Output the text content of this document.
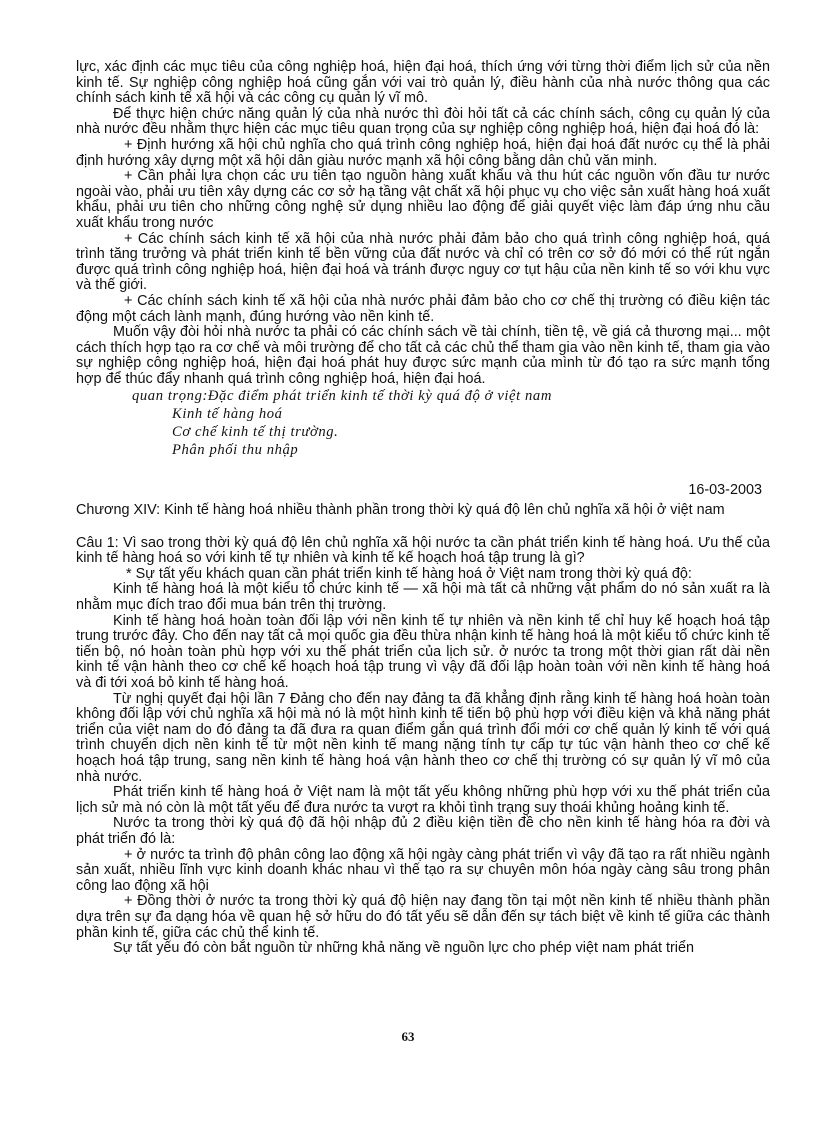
lực, xác định các mục tiêu của công nghiệp hoá, hiện đại hoá, thích ứng với từng thời điểm lịch sử của nền kinh tế. Sự nghiệp công nghiệp hoá cũng gắn với vai trò quản lý, điều hành của nhà nước thông qua các chính sách kinh tế xã hội và các công cụ quản lý vĩ mô.

Để thực hiện chức năng quản lý của nhà nước thì đòi hỏi tất cả các chính sách, công cụ quản lý của nhà nước đều nhằm thực hiện các mục tiêu quan trọng của sự nghiệp công nghiệp hoá, hiện đại hoá đó là:

+ Định hướng xã hội chủ nghĩa cho quá trình công nghiệp hoá, hiện đại hoá đất nước cụ thể là phải định hướng xây dựng một xã hội dân giàu nước mạnh xã hội công bằng dân chủ văn minh.

+ Cần phải lựa chọn các ưu tiên tạo nguồn hàng xuất khẩu và thu hút các nguồn vốn đầu tư nước ngoài vào, phải ưu tiên xây dựng các cơ sở hạ tầng vật chất xã hội phục vụ cho việc sản xuất hàng hoá xuất khẩu, phải ưu tiên cho những công nghệ sử dụng nhiều lao động để giải quyết việc làm đáp ứng nhu cầu xuất khẩu trong nước

+ Các chính sách kinh tế xã hội của nhà nước phải đảm bảo cho quá trình công nghiệp hoá, quá trình tăng trưởng và phát triển kinh tế bền vững của đất nước và chỉ có trên cơ sở đó mới có thể rút ngắn được quá trình công nghiệp hoá, hiện đại hoá và tránh được nguy cơ tụt hậu của nền kinh tế so với khu vực và thế giới.

+ Các chính sách kinh tế xã hội của nhà nước phải đảm bảo cho cơ chế thị trường có điều kiện tác động một cách lành mạnh, đúng hướng vào nền kinh tế.

Muốn vậy đòi hỏi nhà nước ta phải có các chính sách về tài chính, tiền tệ, về giá cả thương mại... một cách thích hợp tạo ra cơ chế và môi trường để cho tất cả các chủ thể tham gia vào nền kinh tế, tham gia vào sự nghiệp công nghiệp hoá, hiện đại hoá phát huy được sức mạnh của mình từ đó tạo ra sức mạnh tổng hợp để thúc đẩy nhanh quá trình công nghiệp hoá, hiện đại hoá.

quan trọng:Đặc điểm phát triển kinh tế thời kỳ quá độ ở việt nam
Kinh tế hàng hoá
Cơ chế kinh tế thị trường.
Phân phối thu nhập
16-03-2003

Chương XIV: Kinh tế hàng hoá nhiều thành phần trong thời kỳ quá độ lên chủ nghĩa xã hội ở việt nam

Câu 1: Vì sao trong thời kỳ quá độ lên chủ nghĩa xã hội nước ta cần phát triển kinh tế hàng hoá. Ưu thế của kinh tế hàng hoá so với kinh tế tự nhiên và kinh tế kế hoạch hoá tập trung là gì?

* Sự tất yếu khách quan cần phát triển kinh tế hàng hoá ở Việt nam trong thời kỳ quá độ:

Kinh tế hàng hoá là một kiểu tổ chức kinh tế — xã hội mà tất cả những vật phẩm do nó sản xuất ra là nhằm mục đích trao đổi mua bán trên thị trường.

Kinh tế hàng hoá hoàn toàn đối lập với nền kinh tế tự nhiên và nền kinh tế chỉ huy kế hoạch hoá tập trung trước đây. Cho đến nay tất cả mọi quốc gia đều thừa nhận kinh tế hàng hoá là một kiểu tổ chức kinh tế tiến bộ, nó hoàn toàn phù hợp với xu thế phát triển của lịch sử. ở nước ta trong một thời gian rất dài nền kinh tế vận hành theo cơ chế kế hoạch hoá tập trung vì vậy đã đối lập hoàn toàn với nền kinh tế hàng hoá và đi tới xoá bỏ kinh tế hàng hoá.

Từ nghị quyết đại hội lần 7 Đảng cho đến nay đảng ta đã khẳng định rằng kinh tế hàng hoá hoàn toàn không đối lập với chủ nghĩa xã hội mà nó là một hình kinh tế tiến bộ phù hợp với điều kiện và khả năng phát triển của việt nam do đó đảng ta đã đưa ra quan điểm gắn quá trình đổi mới cơ chế quản lý kinh tế với quá trình chuyển dịch nền kinh tế từ một nền kinh tế mang nặng tính tự cấp tự túc vận hành theo cơ chế kế hoạch hoá tập trung, sang nền kinh tế hàng hoá vận hành theo cơ chế thị trường có sự quản lý vĩ mô của nhà nước.

Phát triển kinh tế hàng hoá ở Việt nam là một tất yếu không những phù hợp với xu thế phát triển của lịch sử mà nó còn là một tất yếu để đưa nước ta vượt ra khỏi tình trạng suy thoái khủng hoảng kinh tế.

Nước ta trong thời kỳ quá độ đã hội nhập đủ 2 điều kiện tiền đề cho nền kinh tế hàng hóa ra đời và phát triển đó là:

+ ở nước ta trình độ phân công lao động xã hội ngày càng phát triển vì vậy đã tạo ra rất nhiều ngành sản xuất, nhiều lĩnh vực kinh doanh khác nhau vì thế tạo ra sự chuyên môn hóa ngày càng sâu trong phân công lao động xã hội

+ Đồng thời ở nước ta trong thời kỳ quá độ hiện nay đang tồn tại một nền kinh tế nhiều thành phần dựa trên sự đa dạng hóa về quan hệ sở hữu do đó tất yếu sẽ dẫn đến sự tách biệt về kinh tế giữa các thành phần kinh tế, giữa các chủ thể kinh tế.

Sự tất yếu đó còn bắt nguồn từ những khả năng về nguồn lực cho phép việt nam phát triển

63
